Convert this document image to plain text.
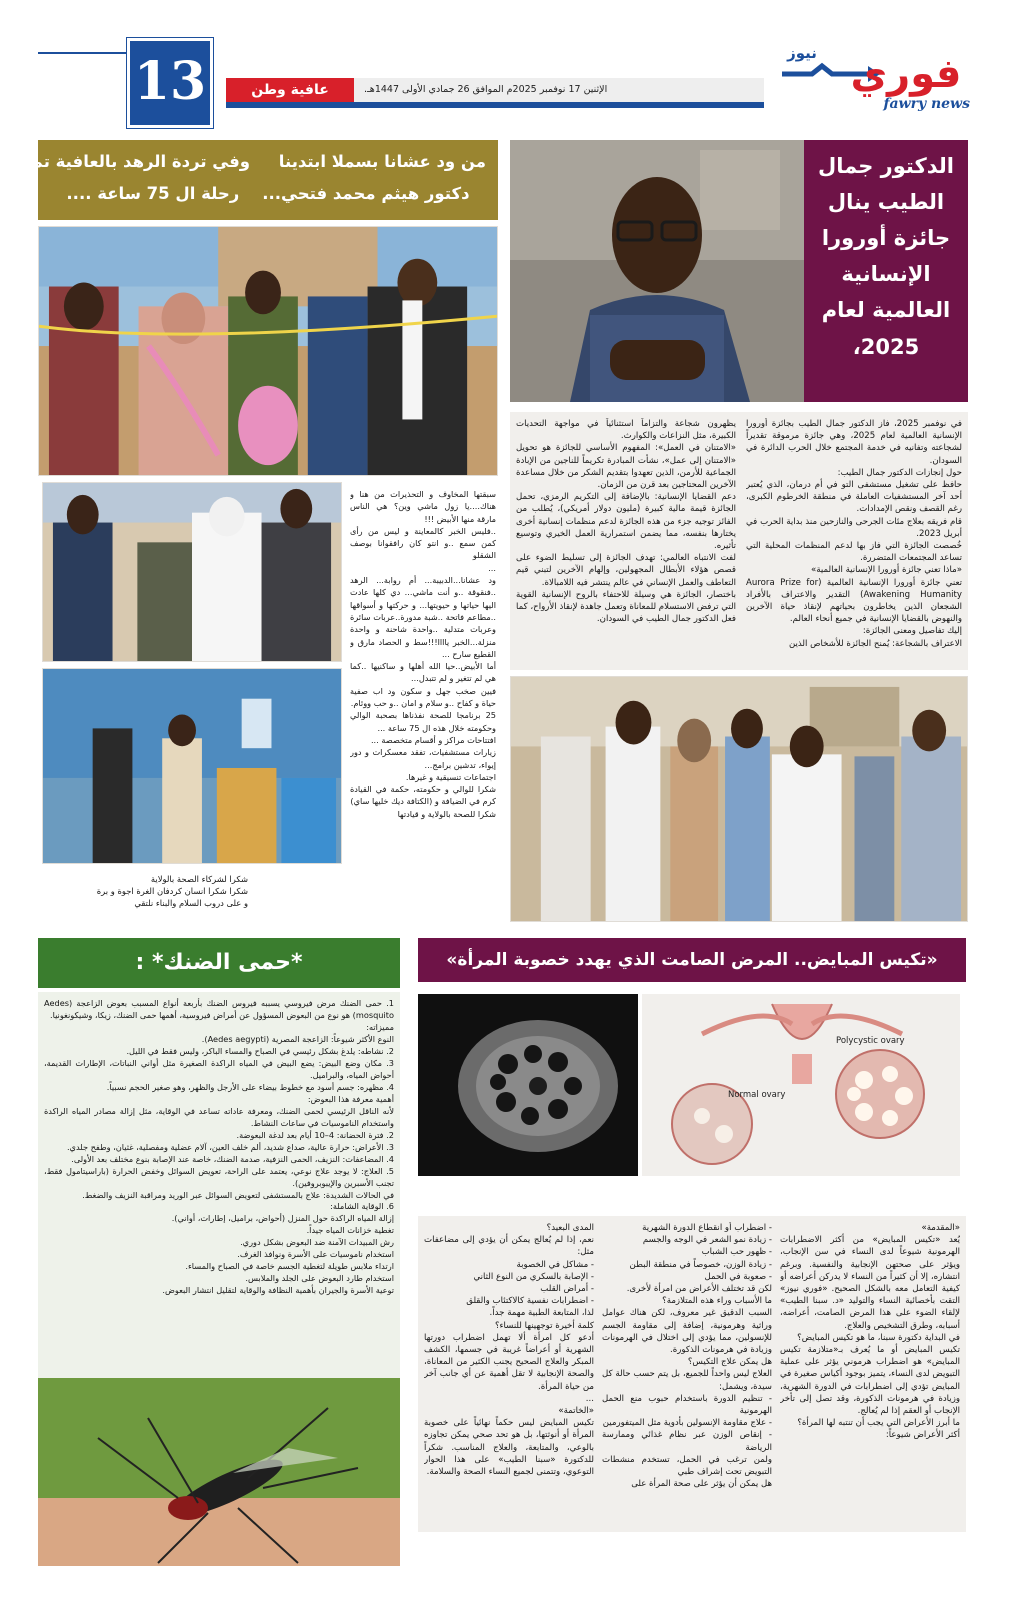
13	عافية وطن	الإثنين 17 نوفمبر 2025م الموافق 26 جمادي الأولى 1447هـ.
نيوز فوري
fawry news
الدكتور جمال الطيب ينال جائزة أورورا الإنسانية العالمية لعام 2025،
في نوفمبر 2025، فاز الدكتور جمال الطيب بجائزة أورورا الإنسانية العالمية لعام 2025، وهي جائزة مرموقة تقديراً لشجاعته وتفانيه في خدمة المجتمع خلال الحرب الدائرة في السودان.
حول إنجازات الدكتور جمال الطيب:
حافظ على تشغيل مستشفى التو في أم درمان، الذي يُعتبر أحد آخر المستشفيات العاملة في منطقة الخرطوم الكبرى، رغم القصف ونقص الإمدادات.
قام فريقه بعلاج مئات الجرحى والنازحين منذ بداية الحرب في أبريل 2023.
خُصصت الجائزة التي فاز بها لدعم المنظمات المحلية التي تساعد المجتمعات المتضررة.
«ماذا تعني جائزة أورورا الإنسانية العالمية»
تعني جائزة أورورا الإنسانية العالمية (Aurora Prize for Awakening Humanity) التقدير والاعتراف بالأفراد الشجعان الذين يخاطرون بحياتهم لإنقاذ حياة الآخرين والنهوض بالقضايا الإنسانية في جميع أنحاء العالم.
إليك تفاصيل ومعنى الجائزة:
الاعتراف بالشجاعة: يُمنح الجائزة للأشخاص الذين
يظهرون شجاعة والتزاماً استثنائياً في مواجهة التحديات الكبيرة، مثل النزاعات والكوارث.
«الامتنان في العمل»: المفهوم الأساسي للجائزة هو تحويل «الامتنان إلى عمل»، نشأت المبادرة تكريماً للناجين من الإبادة الجماعية للأرمن، الذين تعهدوا بتقديم الشكر من خلال مساعدة الآخرين المحتاجين بعد قرن من الزمان.
دعم القضايا الإنسانية: بالإضافة إلى التكريم الرمزي، تحمل الجائزة قيمة مالية كبيرة (مليون دولار أمريكي)، يُطلب من الفائز توجيه جزء من هذه الجائزة لدعم منظمات إنسانية أخرى يختارها بنفسه، مما يضمن استمرارية العمل الخيري وتوسيع تأثيره.
لفت الانتباه العالمي: تهدف الجائزة إلى تسليط الضوء على قصص هؤلاء الأبطال المجهولين، وإلهام الآخرين لتبني قيم التعاطف والعمل الإنساني في عالم ينتشر فيه اللامبالاة.
باختصار، الجائزة هي وسيلة للاحتفاء بالروح الإنسانية القوية التي ترفض الاستسلام للمعاناة وتعمل جاهدة لإنقاذ الأرواح، كما فعل الدكتور جمال الطيب في السودان.
من ود عشانا بسملا ابتدينا     وفي تردة الرهد بالعافية تمينا
دكتور هيثم محمد فتحي...    رحلة ال 75 ساعة ....
سبقتها المخاوف و التحذيرات من هنا و هناك....يا زول ماشي وين؟ هي الناس مارقة منها الأبيض !!!
..فليس الخبر كالمعاينة و ليس من رأى كمن سمع ..و انتو كان رافقوانا بوصف الشقلو
...
ود عشانا...الدبيبة... أم روابة... الرهد ..فنقوقة ..و أنت ماشي... دي كلها عادت اليها حياتها و حيويتها... و حركتها و أسواقها ..مطاعم فاتحة ..شبة مدورة..عربات سائرة وعربات متدلية ..واحدة شاحنة و واحدة منزلة...الخبر ياااا!!!سط و الحصاد مارق و القطيع سارح ...
أما الأبيض..حيا الله أهلها و ساكنيها ..كما هي لم تتغير و لم تتبدل...
فيين صخب جهل و سكون ود اب صفية حياة و كفاح ..و سلام و امان ..و حب ووئام.
25 برنامجا للصحة نفذناها بصحبة الوالي وحكومته خلال هذه ال 75 ساعة ...
افتتاحات مراكز و أقسام متخصصة ...
زيارات مستشفيات، تفقد معسكرات و دور إيواء، تدشين برامج...
اجتماعات تنسيقية و غيرها.
شكرا للوالي و حكومته، حكمة في القيادة كرم في الضيافة و (الكتافة ديك خليها ساي)
شكرا للصحة بالولاية و قيادتها
شكرا لشركاء الصحة بالولاية
شكرا شكرا انسان كردفان الغرة اجوة و برة
و على دروب السلام والبناء نلتقي
*حمى الضنك* :
1. حمى الضنك مرض فيروسي يسببه فيروس الضنك بأربعة أنواع المسبب بعوض الزاعجة (Aedes mosquito) هو نوع من البعوض المسؤول عن أمراض فيروسية، أهمها حمى الضنك، زيكا، وشيكونغونيا.
مميزاته:
النوع الأكثر شيوعاً: الزاعجة المصرية (Aedes aegypti).
2. نشاطه: يلدغ بشكل رئيسي في الصباح والمساء الباكر، وليس فقط في الليل.
3. مكان وضع البيض: يضع البيض في المياه الراكدة الصغيرة مثل أواني النباتات، الإطارات القديمة، أحواض المياه، والبراميل.
4. مظهره: جسم أسود مع خطوط بيضاء على الأرجل والظهر، وهو صغير الحجم نسبياً.
أهمية معرفة هذا البعوض:
لأنه الناقل الرئيسي لحمى الضنك، ومعرفة عاداته تساعد في الوقاية، مثل إزالة مصادر المياه الراكدة واستخدام الناموسيات في ساعات النشاط.
2. فترة الحضانة: 4–10 أيام بعد لدغة البعوضة.
3. الأعراض: حرارة عالية، صداع شديد، ألم خلف العين، آلام عضلية ومفصلية، غثيان، وطفح جلدي.
4. المضاعفات: النزيف، الحمى النزفية، صدمة الضنك، خاصة عند الإصابة بنوع مختلف بعد الأولى.
5. العلاج: لا يوجد علاج نوعي، يعتمد على الراحة، تعويض السوائل وخفض الحرارة (باراسيتامول فقط، تجنب الأسبرين والإيبوبروفين).
في الحالات الشديدة: علاج بالمستشفى لتعويض السوائل عبر الوريد ومراقبة النزيف والضغط.
6. الوقاية الشاملة:
إزالة المياه الراكدة حول المنزل (أحواض، براميل، إطارات، أواني).
تغطية خزانات المياه جيداً.
رش المبيدات الآمنة ضد البعوض بشكل دوري.
استخدام ناموسيات على الأسرة ونوافذ الغرف.
ارتداء ملابس طويلة لتغطية الجسم خاصة في الصباح والمساء.
استخدام طارد البعوض على الجلد والملابس.
توعية الأسرة والجيران بأهمية النظافة والوقاية لتقليل انتشار البعوض.
«تكيس المبايض.. المرض الصامت الذي يهدد خصوبة المرأة»
Polycystic ovary
Normal ovary
«المقدمة»
يُعد «تكيس المبايض» من أكثر الاضطرابات الهرمونية شيوعاً لدى النساء في سن الإنجاب، ويؤثر على صحتهن الإنجابية والنفسية. وبرغم انتشاره، إلا أن كثيراً من النساء لا يدركن أعراضه أو كيفية التعامل معه بالشكل الصحيح. «فوري نيوز» التقت بأخصائية النساء والتوليد «د. سبنا الطيب» لإلقاء الضوء على هذا المرض الصامت، أعراضه، أسبابه، وطرق التشخيص والعلاج.
في البداية دكتورة سبنا، ما هو تكيس المبايض؟
تكيس المبايض أو ما يُعرف بـ«متلازمة تكيس المبايض» هو اضطراب هرموني يؤثر على عملية التبويض لدى النساء، يتميز بوجود أكياس صغيرة في المبايض تؤدي إلى اضطرابات في الدورة الشهرية، وزيادة في هرمونات الذكورة، وقد تصل إلى تأخر الإنجاب أو العقم إذا لم يُعالج.
ما أبرز الأعراض التي يجب أن تنتبه لها المرأة؟
أكثر الأعراض شيوعاً:
- اضطراب أو انقطاع الدورة الشهرية
- زيادة نمو الشعر في الوجه والجسم
- ظهور حب الشباب
- زيادة الوزن، خصوصاً في منطقة البطن
- صعوبة في الحمل
لكن قد تختلف الأعراض من امرأة لأخرى.
ما الأسباب وراء هذه المتلازمة؟
السبب الدقيق غير معروف، لكن هناك عوامل وراثية وهرمونية، إضافة إلى مقاومة الجسم للإنسولين، مما يؤدي إلى اختلال في الهرمونات وزيادة في هرمونات الذكورة.
هل يمكن علاج التكيس؟
العلاج ليس واحداً للجميع، بل يتم حسب حالة كل سيدة، ويشمل:
- تنظيم الدورة باستخدام حبوب منع الحمل الهرمونية
- علاج مقاومة الإنسولين بأدوية مثل الميتفورمين
- إنقاص الوزن عبر نظام غذائي وممارسة الرياضة
ولمن ترغب في الحمل، تستخدم منشطات التبويض تحت إشراف طبي
هل يمكن أن يؤثر على صحة المرأة على
المدى البعيد؟
نعم، إذا لم يُعالج يمكن أن يؤدي إلى مضاعفات مثل:
- مشاكل في الخصوبة
- الإصابة بالسكري من النوع الثاني
- أمراض القلب
- اضطرابات نفسية كالاكتئاب والقلق
لذا، المتابعة الطبية مهمة جداً.
كلمة أخيرة توجهينها للنساء؟
أدعو كل امرأة ألا تهمل اضطراب دورتها الشهرية أو أعراضاً غريبة في جسمها، الكشف المبكر والعلاج الصحيح يجنب الكثير من المعاناة، والصحة الإنجابية لا تقل أهمية عن أي جانب آخر من حياة المرأة.
...
«الخاتمة»
تكيس المبايض ليس حكماً نهائياً على خصوبة المرأة أو أنوثتها، بل هو تحد صحي يمكن تجاوزه بالوعي، والمتابعة، والعلاج المناسب. شكراً للدكتورة «سبنا الطيب» على هذا الحوار التوعوي، وتتمنى لجميع النساء الصحة والسلامة.
